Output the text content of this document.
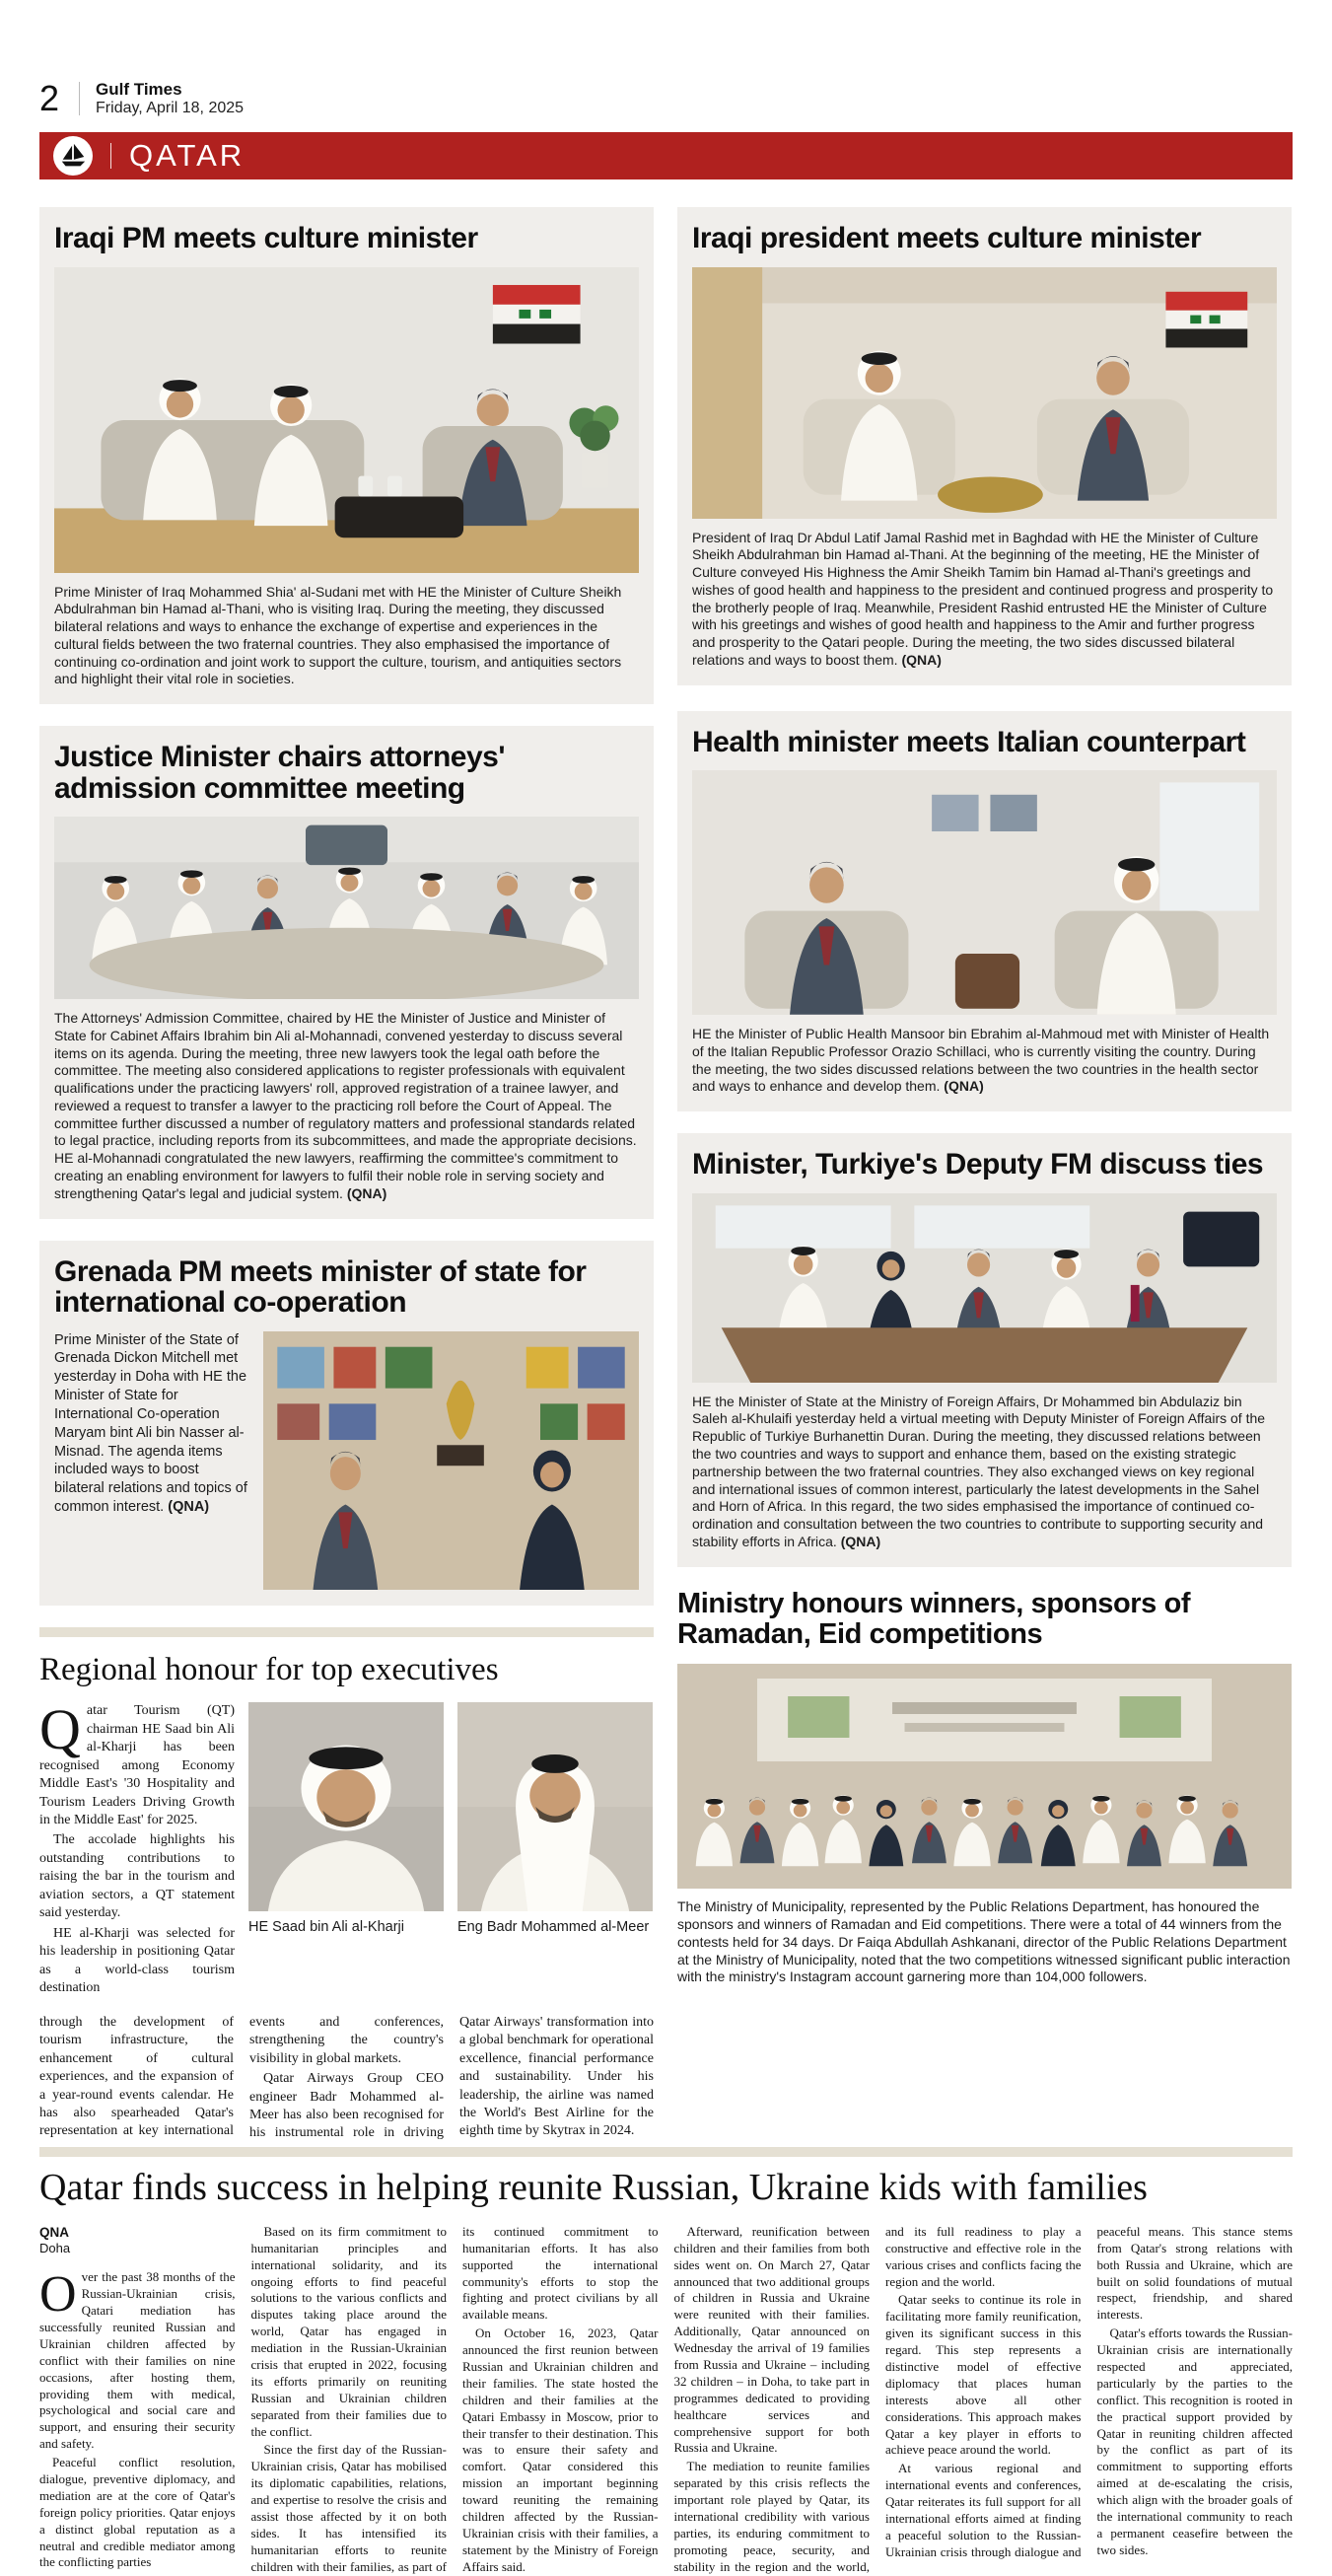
2 Gulf Times
Friday, April 18, 2025
QATAR
Iraqi PM meets culture minister

Prime Minister of Iraq Mohammed Shia' al-Sudani met with HE the Minister of Culture Sheikh Abdulrahman bin Hamad al-Thani, who is visiting Iraq. During the meeting, they discussed bilateral relations and ways to enhance the exchange of expertise and experiences in the cultural fields between the two fraternal countries. They also emphasised the importance of continuing co-ordination and joint work to support the culture, tourism, and antiquities sectors and highlight their vital role in societies.

Justice Minister chairs attorneys' admission committee meeting

The Attorneys' Admission Committee, chaired by HE the Minister of Justice and Minister of State for Cabinet Affairs Ibrahim bin Ali al-Mohannadi, convened yesterday to discuss several items on its agenda. During the meeting, three new lawyers took the legal oath before the committee. The meeting also considered applications to register professionals with equivalent qualifications under the practicing lawyers' roll, approved registration of a trainee lawyer, and reviewed a request to transfer a lawyer to the practicing roll before the Court of Appeal. The committee further discussed a number of regulatory matters and professional standards related to legal practice, including reports from its subcommittees, and made the appropriate decisions. HE al-Mohannadi congratulated the new lawyers, reaffirming the committee's commitment to creating an enabling environment for lawyers to fulfil their noble role in serving society and strengthening Qatar's legal and judicial system. (QNA)

Grenada PM meets minister of state for international co-operation
Prime Minister of the State of Grenada Dickon Mitchell met yesterday in Doha with HE the Minister of State for International Co-operation Maryam bint Ali bin Nasser al-Misnad. The agenda items included ways to boost bilateral relations and topics of common interest. (QNA)
Regional honour for top executives

Qatar Tourism (QT) chairman HE Saad bin Ali al-Kharji has been recognised among Economy Middle East's '30 Hospitality and Tourism Leaders Driving Growth in the Middle East' for 2025.

The accolade highlights his outstanding contributions to raising the bar in the tourism and aviation sectors, a QT statement said yesterday.

HE al-Kharji was selected for his leadership in positioning Qatar as a world-class tourism destination

HE Saad bin Ali al-Kharji	Eng Badr Mohammed al-Meer

through the development of tourism infrastructure, the enhancement of cultural experiences, and the expansion of a year-round events calendar. He has also spearheaded Qatar's representation at key international events and conferences, strengthening the country's visibility in global markets.

Qatar Airways Group CEO engineer Badr Mohammed al-Meer has also been recognised for his instrumental role in driving Qatar Airways' transformation into a global benchmark for operational excellence, financial performance and sustainability. Under his leadership, the airline was named the World's Best Airline for the eighth time by Skytrax in 2024.

Iraqi president meets culture minister

President of Iraq Dr Abdul Latif Jamal Rashid met in Baghdad with HE the Minister of Culture Sheikh Abdulrahman bin Hamad al-Thani. At the beginning of the meeting, HE the Minister of Culture conveyed His Highness the Amir Sheikh Tamim bin Hamad al-Thani's greetings and wishes of good health and happiness to the president and continued progress and prosperity to the brotherly people of Iraq. Meanwhile, President Rashid entrusted HE the Minister of Culture with his greetings and wishes of good health and happiness to the Amir and further progress and prosperity to the Qatari people. During the meeting, the two sides discussed bilateral relations and ways to boost them. (QNA)

Health minister meets Italian counterpart

HE the Minister of Public Health Mansoor bin Ebrahim al-Mahmoud met with Minister of Health of the Italian Republic Professor Orazio Schillaci, who is currently visiting the country. During the meeting, the two sides discussed relations between the two countries in the health sector and ways to enhance and develop them. (QNA)

Minister, Turkiye's Deputy FM discuss ties

HE the Minister of State at the Ministry of Foreign Affairs, Dr Mohammed bin Abdulaziz bin Saleh al-Khulaifi yesterday held a virtual meeting with Deputy Minister of Foreign Affairs of the Republic of Turkiye Burhanettin Duran. During the meeting, they discussed relations between the two countries and ways to support and enhance them, based on the existing strategic partnership between the two fraternal countries. They also exchanged views on key regional and international issues of common interest, particularly the latest developments in the Sahel and Horn of Africa. In this regard, the two sides emphasised the importance of continued co-ordination and consultation between the two countries to contribute to supporting security and stability efforts in Africa. (QNA)

Ministry honours winners, sponsors of Ramadan, Eid competitions

The Ministry of Municipality, represented by the Public Relations Department, has honoured the sponsors and winners of Ramadan and Eid competitions. There were a total of 44 winners from the contests held for 34 days. Dr Faiqa Abdullah Ashkanani, director of the Public Relations Department at the Ministry of Municipality, noted that the two competitions witnessed significant public interaction with the ministry's Instagram account garnering more than 104,000 followers.

Qatar finds success in helping reunite Russian, Ukraine kids with families
QNA
Doha

Over the past 38 months of the Russian-Ukrainian crisis, Qatari mediation has successfully reunited Russian and Ukrainian children affected by conflict with their families on nine occasions, after hosting them, providing them with medical, psychological and social care and support, and ensuring their security and safety.

Peaceful conflict resolution, dialogue, preventive diplomacy, and mediation are at the core of Qatar's foreign policy priorities. Qatar enjoys a distinct global reputation as a neutral and credible mediator among the conflicting parties

Based on its firm commitment to humanitarian principles and international solidarity, and its ongoing efforts to find peaceful solutions to the various conflicts and disputes taking place around the world, Qatar has engaged in mediation in the Russian-Ukrainian crisis that erupted in 2022, focusing its efforts primarily on reuniting Russian and Ukrainian children separated from their families due to the conflict.

Since the first day of the Russian-Ukrainian crisis, Qatar has mobilised its diplomatic capabilities, relations, and expertise to resolve the crisis and assist those affected by it on both sides. It has intensified its humanitarian efforts to reunite children with their families, as part of its continued commitment to humanitarian efforts. It has also supported the international community's efforts to stop the fighting and protect civilians by all available means.

On October 16, 2023, Qatar announced the first reunion between Russian and Ukrainian children and their families. The state hosted the children and their families at the Qatari Embassy in Moscow, prior to their transfer to their destination. This was to ensure their safety and comfort. Qatar considered this mission an important beginning toward reuniting the remaining children affected by the Russian-Ukrainian crisis with their families, a statement by the Ministry of Foreign Affairs said.

Afterward, reunification between children and their families from both sides went on. On March 27, Qatar announced that two additional groups of children in Russia and Ukraine were reunited with their families. Additionally, Qatar announced on Wednesday the arrival of 19 families from Russia and Ukraine – including 32 children – in Doha, to take part in programmes dedicated to providing healthcare services and comprehensive support for both Russia and Ukraine.

The mediation to reunite families separated by this crisis reflects the important role played by Qatar, its international credibility with various parties, its enduring commitment to promoting peace, security, and stability in the region and the world, and its full readiness to play a constructive and effective role in the various crises and conflicts facing the region and the world.

Qatar seeks to continue its role in facilitating more family reunification, given its significant success in this regard. This step represents a distinctive model of effective diplomacy that places human interests above all other considerations. This approach makes Qatar a key player in efforts to achieve peace around the world.

At various regional and international events and conferences, Qatar reiterates its full support for all international efforts aimed at finding a peaceful solution to the Russian-Ukrainian crisis through dialogue and peaceful means. This stance stems from Qatar's strong relations with both Russia and Ukraine, which are built on solid foundations of mutual respect, friendship, and shared interests.

Qatar's efforts towards the Russian-Ukrainian crisis are internationally respected and appreciated, particularly by the parties to the conflict. This recognition is rooted in the practical support provided by Qatar in reuniting children affected by the conflict as part of its commitment to supporting efforts aimed at de-escalating the crisis, which align with the broader goals of the international community to reach a permanent ceasefire between the two sides.
